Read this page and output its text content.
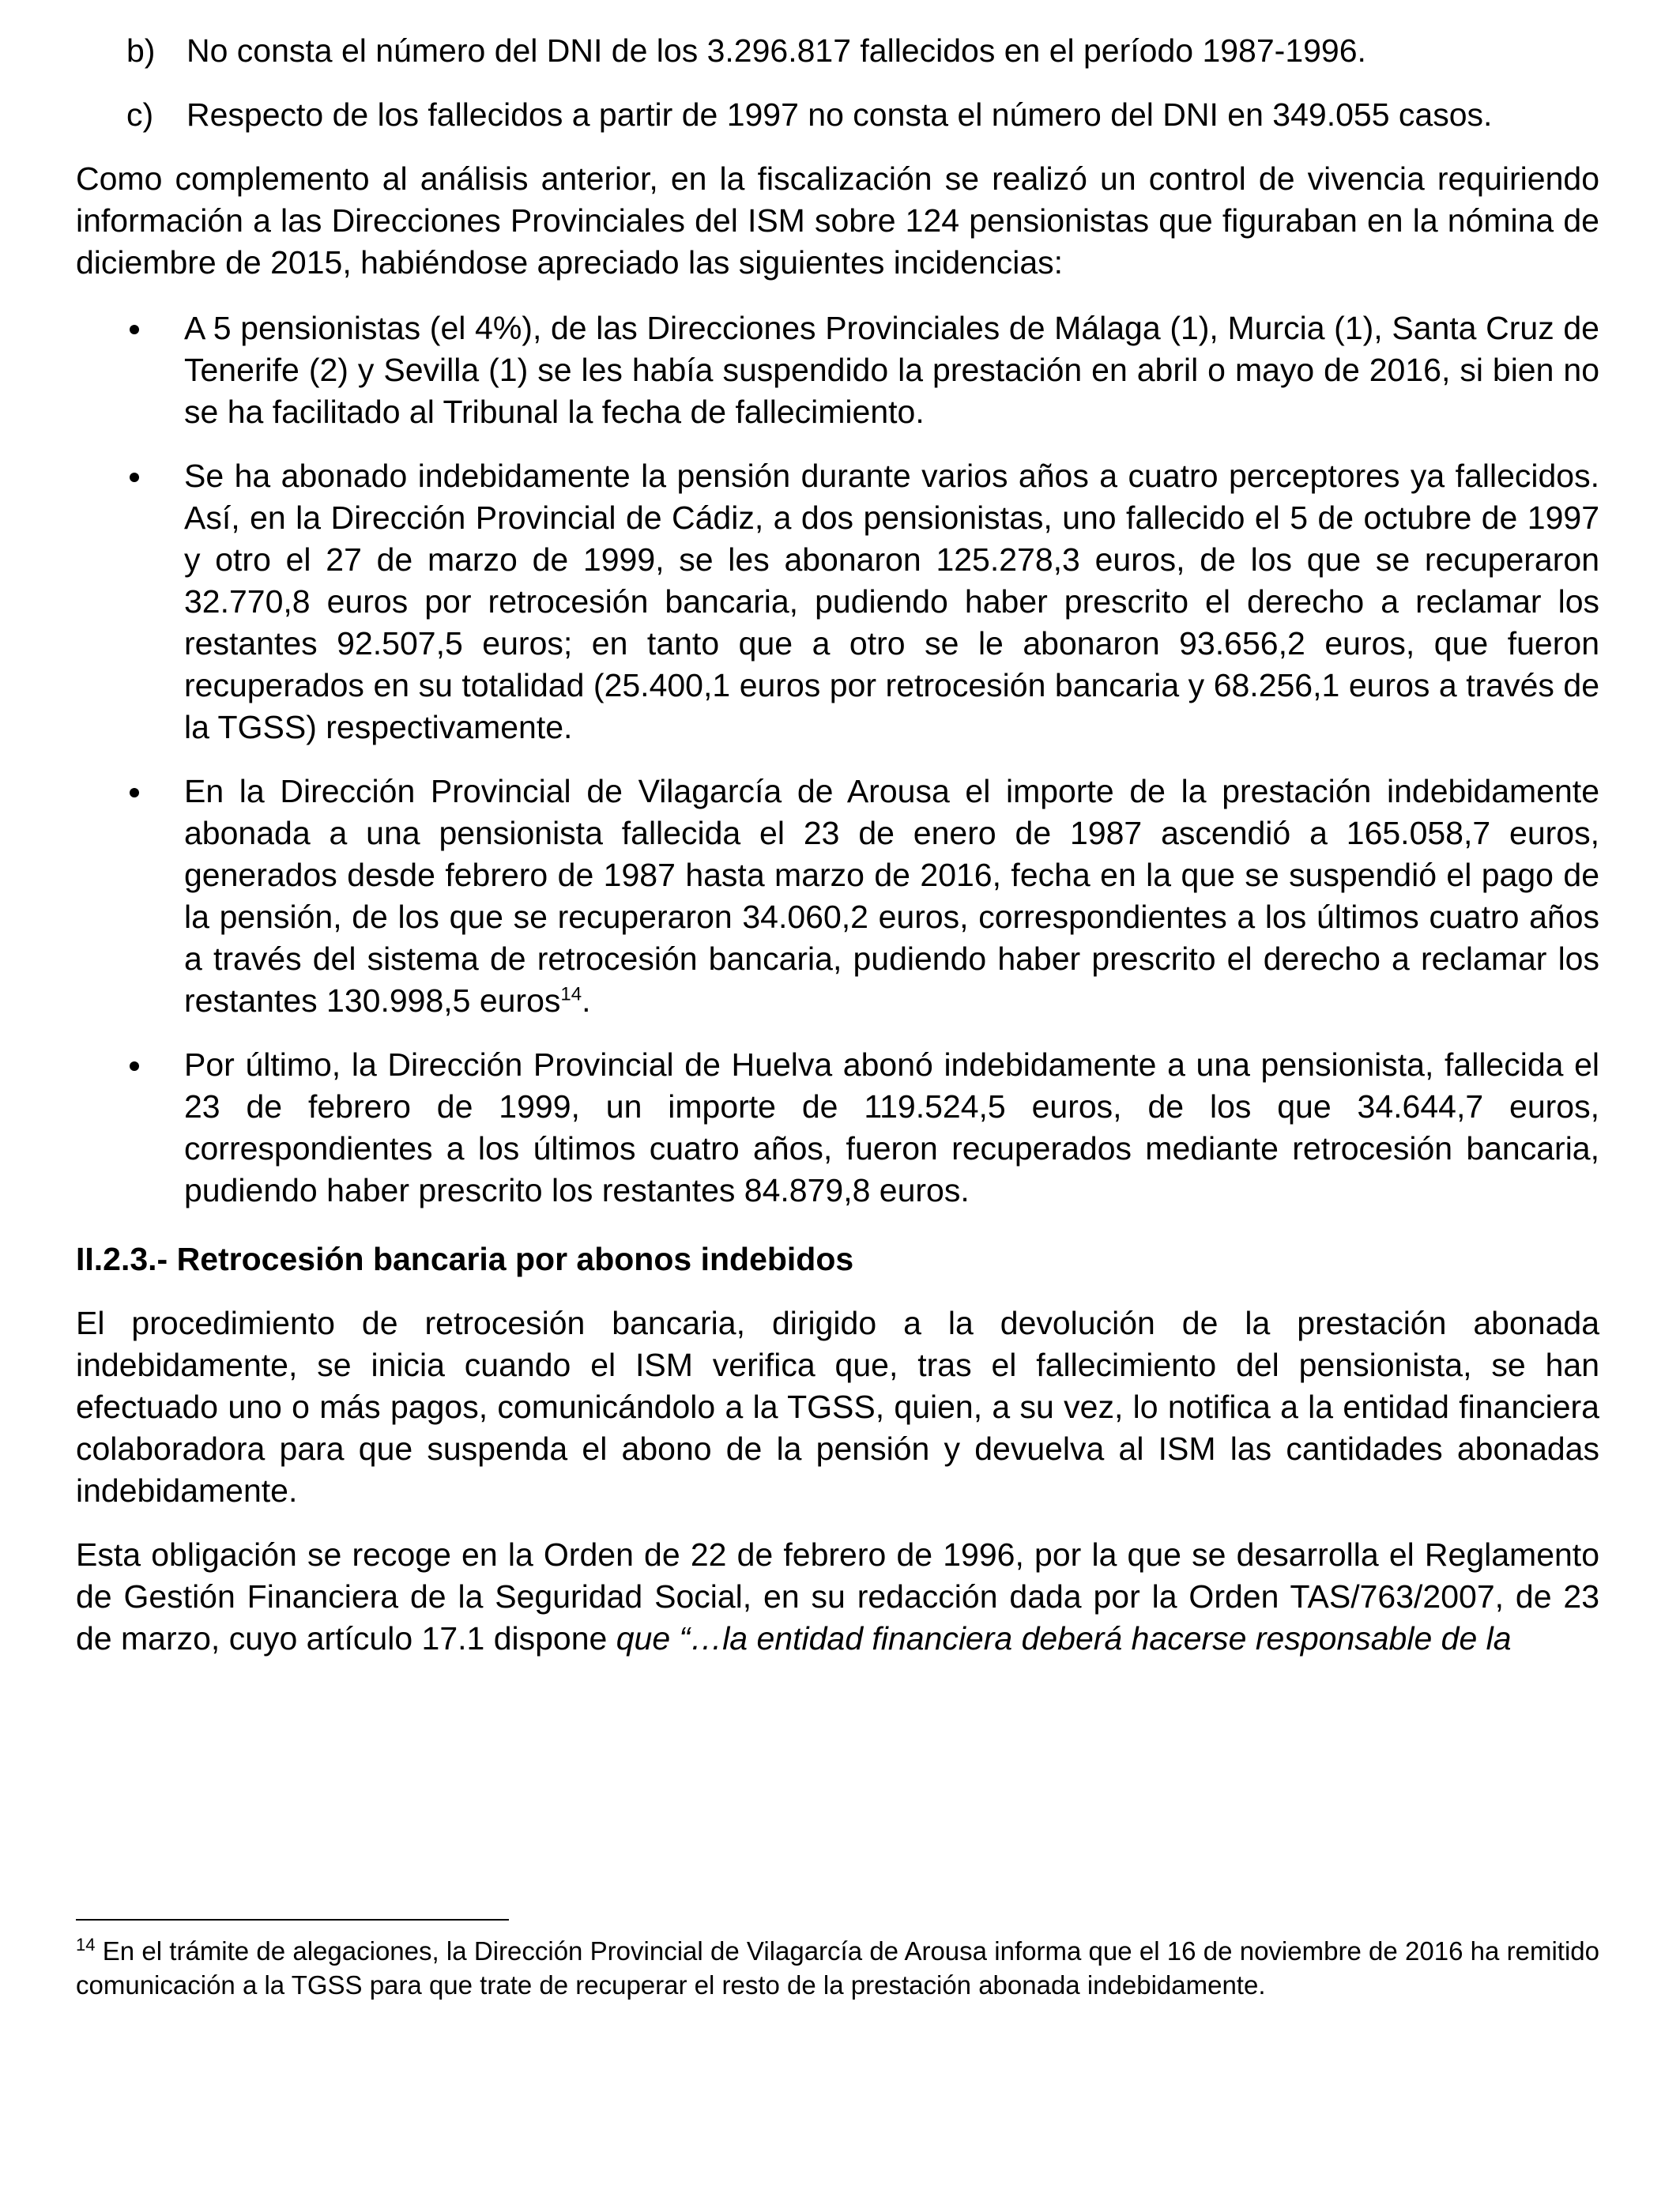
b) No consta el número del DNI de los 3.296.817 fallecidos en el período 1987-1996.

c) Respecto de los fallecidos a partir de 1997 no consta el número del DNI en 349.055 casos.

Como complemento al análisis anterior, en la fiscalización se realizó un control de vivencia requiriendo información a las Direcciones Provinciales del ISM sobre 124 pensionistas que figuraban en la nómina de diciembre de 2015, habiéndose apreciado las siguientes incidencias:

A 5 pensionistas (el 4%), de las Direcciones Provinciales de Málaga (1), Murcia (1), Santa Cruz de Tenerife (2) y Sevilla (1) se les había suspendido la prestación en abril o mayo de 2016, si bien no se ha facilitado al Tribunal la fecha de fallecimiento.
Se ha abonado indebidamente la pensión durante varios años a cuatro perceptores ya fallecidos. Así, en la Dirección Provincial de Cádiz, a dos pensionistas, uno fallecido el 5 de octubre de 1997 y otro el 27 de marzo de 1999, se les abonaron 125.278,3 euros, de los que se recuperaron 32.770,8 euros por retrocesión bancaria, pudiendo haber prescrito el derecho a reclamar los restantes 92.507,5 euros; en tanto que a otro se le abonaron 93.656,2 euros, que fueron recuperados en su totalidad (25.400,1 euros por retrocesión bancaria y 68.256,1 euros a través de la TGSS) respectivamente.
En la Dirección Provincial de Vilagarcía de Arousa el importe de la prestación indebidamente abonada a una pensionista fallecida el 23 de enero de 1987 ascendió a 165.058,7 euros, generados desde febrero de 1987 hasta marzo de 2016, fecha en la que se suspendió el pago de la pensión, de los que se recuperaron 34.060,2 euros, correspondientes a los últimos cuatro años a través del sistema de retrocesión bancaria, pudiendo haber prescrito el derecho a reclamar los restantes 130.998,5 euros$^{14}$.
Por último, la Dirección Provincial de Huelva abonó indebidamente a una pensionista, fallecida el 23 de febrero de 1999, un importe de 119.524,5 euros, de los que 34.644,7 euros, correspondientes a los últimos cuatro años, fueron recuperados mediante retrocesión bancaria, pudiendo haber prescrito los restantes 84.879,8 euros.

II.2.3.- Retrocesión bancaria por abonos indebidos

El procedimiento de retrocesión bancaria, dirigido a la devolución de la prestación abonada indebidamente, se inicia cuando el ISM verifica que, tras el fallecimiento del pensionista, se han efectuado uno o más pagos, comunicándolo a la TGSS, quien, a su vez, lo notifica a la entidad financiera colaboradora para que suspenda el abono de la pensión y devuelva al ISM las cantidades abonadas indebidamente.

Esta obligación se recoge en la Orden de 22 de febrero de 1996, por la que se desarrolla el Reglamento de Gestión Financiera de la Seguridad Social, en su redacción dada por la Orden TAS/763/2007, de 23 de marzo, cuyo artículo 17.1 dispone que “…la entidad financiera deberá hacerse responsable de la

$^{14}$ En el trámite de alegaciones, la Dirección Provincial de Vilagarcía de Arousa informa que el 16 de noviembre de 2016 ha remitido comunicación a la TGSS para que trate de recuperar el resto de la prestación abonada indebidamente.
